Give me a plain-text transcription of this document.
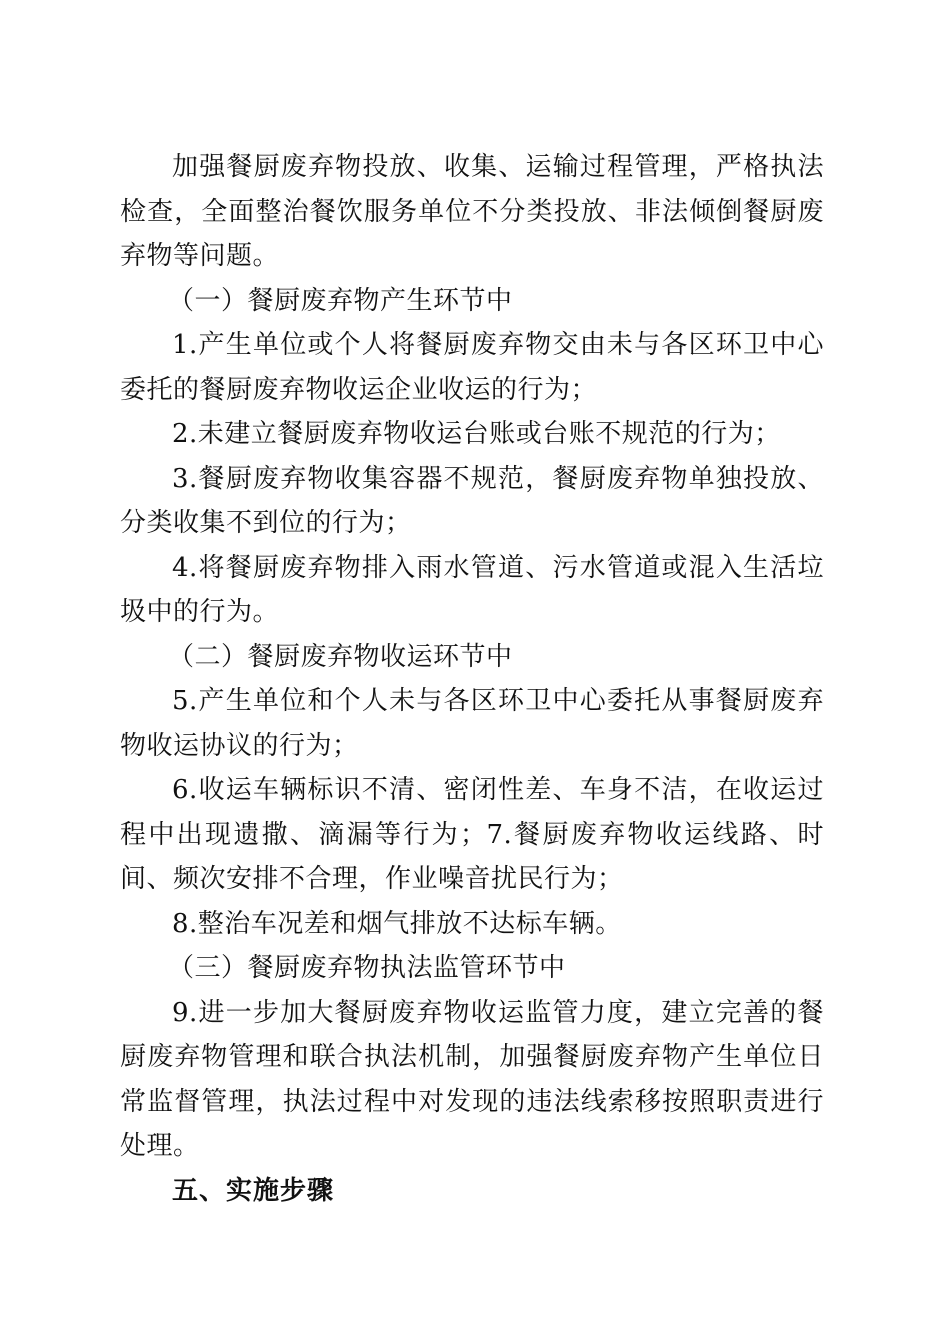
加强餐厨废弃物投放、收集、运输过程管理，严格执法检查，全面整治餐饮服务单位不分类投放、非法倾倒餐厨废弃物等问题。

（一）餐厨废弃物产生环节中

1.产生单位或个人将餐厨废弃物交由未与各区环卫中心委托的餐厨废弃物收运企业收运的行为；

2.未建立餐厨废弃物收运台账或台账不规范的行为；

3.餐厨废弃物收集容器不规范，餐厨废弃物单独投放、分类收集不到位的行为；

4.将餐厨废弃物排入雨水管道、污水管道或混入生活垃圾中的行为。

（二）餐厨废弃物收运环节中

5.产生单位和个人未与各区环卫中心委托从事餐厨废弃物收运协议的行为；

6.收运车辆标识不清、密闭性差、车身不洁，在收运过程中出现遗撒、滴漏等行为；7.餐厨废弃物收运线路、时间、频次安排不合理，作业噪音扰民行为；

8.整治车况差和烟气排放不达标车辆。

（三）餐厨废弃物执法监管环节中

9.进一步加大餐厨废弃物收运监管力度，建立完善的餐厨废弃物管理和联合执法机制，加强餐厨废弃物产生单位日常监督管理，执法过程中对发现的违法线索移按照职责进行处理。

五、实施步骤
